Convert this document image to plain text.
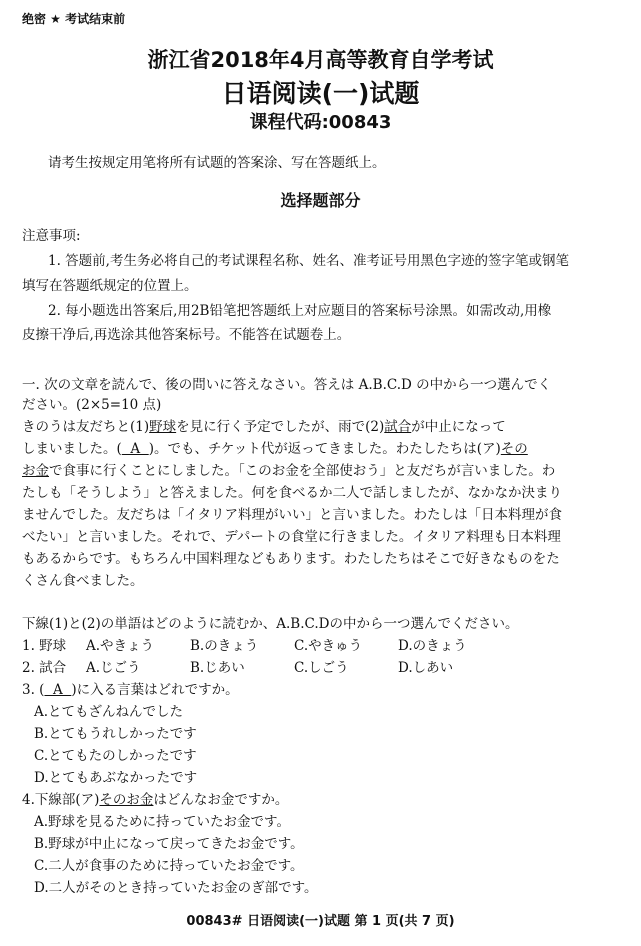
绝密 ★ 考试结束前
浙江省2018年4月高等教育自学考试
日语阅读(一)试题
课程代码:00843
请考生按规定用笔将所有试题的答案涂、写在答题纸上。
选择题部分
注意事项:
1. 答题前,考生务必将自己的考试课程名称、姓名、准考证号用黑色字迹的签字笔或钢笔
填写在答题纸规定的位置上。
2. 每小题选出答案后,用2B铅笔把答题纸上对应题目的答案标号涂黑。如需改动,用橡
皮擦干净后,再选涂其他答案标号。不能答在试题卷上。
一. 次の文章を読んで、後の問いに答えなさい。答えは A.B.C.D の中から一つ選んでく
ださい。(2×5=10 点)
きのうは友だちと(1)野球を見に行く予定でしたが、雨で(2)試合が中止になって
しまいました。(  A  )。でも、チケット代が返ってきました。わたしたちは(ア)その
お金で食事に行くことにしました。「このお金を全部使おう」と友だちが言いました。わ
たしも「そうしよう」と答えました。何を食べるか二人で話しましたが、なかなか決まり
ませんでした。友だちは「イタリア料理がいい」と言いました。わたしは「日本料理が食
べたい」と言いました。それで、デパートの食堂に行きました。イタリア料理も日本料理
もあるからです。もちろん中国料理などもあります。わたしたちはそこで好きなものをた
くさん食べました。
下線(1)と(2)の単語はどのように読むか、A.B.C.Dの中から一つ選んでください。
1. 野球 A.やきょう	B.のきょう	C.やきゅう	D.のきょう
2. 試合 A.じごう	B.じあい	C.しごう	D.しあい
3. (  A  )に入る言葉はどれですか。
A.とてもざんねんでした
B.とてもうれしかったです
C.とてもたのしかったです
D.とてもあぶなかったです
4.下線部(ア)そのお金はどんなお金ですか。
A.野球を見るために持っていたお金です。
B.野球が中止になって戻ってきたお金です。
C.二人が食事のために持っていたお金です。
D.二人がそのとき持っていたお金のぎ部です。
00843# 日语阅读(一)试题 第 1 页(共 7 页)
